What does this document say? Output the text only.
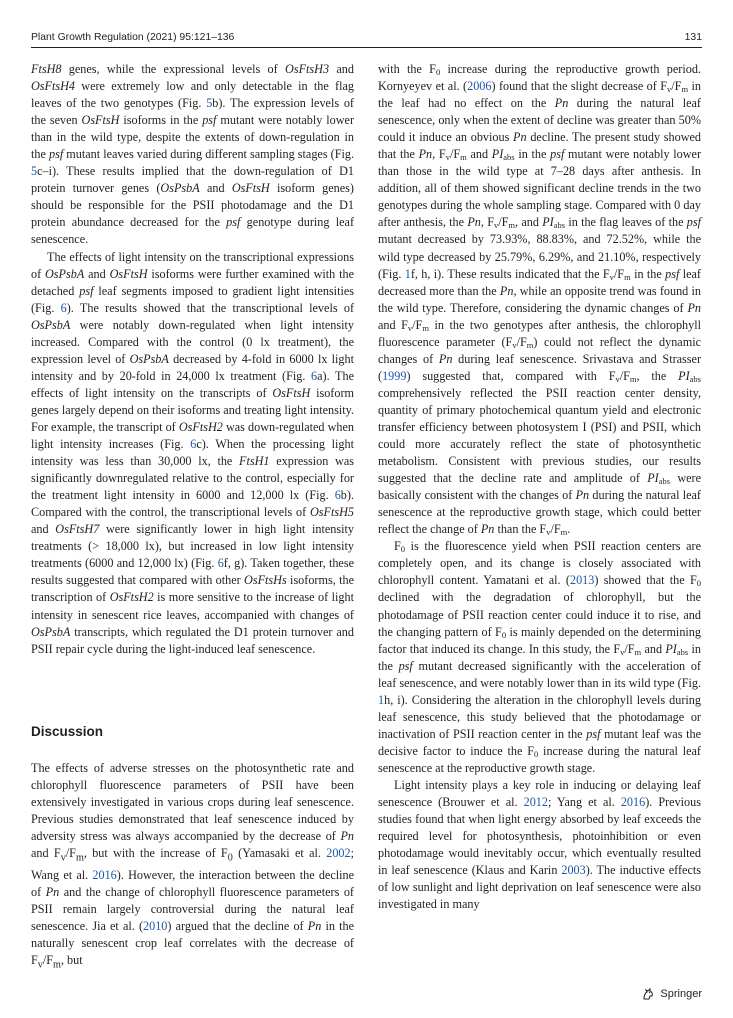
Plant Growth Regulation (2021) 95:121–136	131

FtsH8 genes, while the expressional levels of OsFtsH3 and OsFtsH4 were extremely low and only detectable in the flag leaves of the two genotypes (Fig. 5b). The expression levels of the seven OsFtsH isoforms in the psf mutant were notably lower than in the wild type, despite the extents of down-regulation in the psf mutant leaves varied during different sampling stages (Fig. 5c–i). These results implied that the down-regulation of D1 protein turnover genes (OsPsbA and OsFtsH isoform genes) should be responsible for the PSII photodamage and the D1 protein abundance decreased for the psf genotype during leaf senescence.

The effects of light intensity on the transcriptional expressions of OsPsbA and OsFtsH isoforms were further examined with the detached psf leaf segments imposed to gradient light intensities (Fig. 6). The results showed that the transcriptional levels of OsPsbA were notably down-regulated when light intensity increased. Compared with the control (0 lx treatment), the expression level of OsPsbA decreased by 4-fold in 6000 lx light intensity and by 20-fold in 24,000 lx treatment (Fig. 6a). The effects of light intensity on the transcripts of OsFtsH isoform genes largely depend on their isoforms and treating light intensity. For example, the transcript of OsFtsH2 was down-regulated when light intensity increases (Fig. 6c). When the processing light intensity was less than 30,000 lx, the FtsH1 expression was significantly downregulated relative to the control, especially for the treatment light intensity in 6000 and 12,000 lx (Fig. 6b). Compared with the control, the transcriptional levels of OsFtsH5 and OsFtsH7 were significantly lower in high light intensity treatments (> 18,000 lx), but increased in low light intensity treatments (6000 and 12,000 lx) (Fig. 6f, g). Taken together, these results suggested that compared with other OsFtsHs isoforms, the transcription of OsFtsH2 is more sensitive to the increase of light intensity in senescent rice leaves, accompanied with changes of OsPsbA transcripts, which regulated the D1 protein turnover and PSII repair cycle during the light-induced leaf senescence.

Discussion

The effects of adverse stresses on the photosynthetic rate and chlorophyll fluorescence parameters of PSII have been extensively investigated in various crops during leaf senescence. Previous studies demonstrated that leaf senescence induced by adversity stress was always accompanied by the decrease of Pn and $F_v/F_m$, but with the increase of $F_0$ (Yamasaki et al. 2002; Wang et al. 2016). However, the interaction between the decline of Pn and the change of chlorophyll fluorescence parameters of PSII remain largely controversial during the natural leaf senescence. Jia et al. (2010) argued that the decline of Pn in the naturally senescent crop leaf correlates with the decrease of $F_v/F_m$, but

with the $F_0$ increase during the reproductive growth period. Kornyeyev et al. (2006) found that the slight decrease of $F_v/F_m$ in the leaf had no effect on the Pn during the natural leaf senescence, only when the extent of decline was greater than 50% could it induce an obvious Pn decline. The present study showed that the Pn, $F_v/F_m$ and $PI_{abs}$ in the psf mutant were notably lower than those in the wild type at 7–28 days after anthesis. In addition, all of them showed significant decline trends in the two genotypes during the whole sampling stage. Compared with 0 day after anthesis, the Pn, $F_v/F_m$, and $PI_{abs}$ in the flag leaves of the psf mutant decreased by 73.93%, 88.83%, and 72.52%, while the wild type decreased by 25.79%, 6.29%, and 21.10%, respectively (Fig. 1f, h, i). These results indicated that the $F_v/F_m$ in the psf leaf decreased more than the Pn, while an opposite trend was found in the wild type. Therefore, considering the dynamic changes of Pn and $F_v/F_m$ in the two genotypes after anthesis, the chlorophyll fluorescence parameter $(F_v/F_m)$ could not reflect the dynamic changes of Pn during leaf senescence. Srivastava and Strasser (1999) suggested that, compared with $F_v/F_m$, the $PI_{abs}$ comprehensively reflected the PSII reaction center density, quantity of primary photochemical quantum yield and electronic transfer efficiency between photosystem I (PSI) and PSII, which could more accurately reflect the state of photosynthetic metabolism. Consistent with previous studies, our results suggested that the decline rate and amplitude of $PI_{abs}$ were basically consistent with the changes of Pn during the natural leaf senescence at the reproductive growth stage, which could better reflect the change of Pn than the $F_v/F_m$.

$F_0$ is the fluorescence yield when PSII reaction centers are completely open, and its change is closely associated with chlorophyll content. Yamatani et al. (2013) showed that the $F_0$ declined with the degradation of chlorophyll, but the photodamage of PSII reaction center could induce it to rise, and the changing pattern of $F_0$ is mainly depended on the determining factor that induced its change. In this study, the $F_v/F_m$ and $PI_{abs}$ in the psf mutant decreased significantly with the acceleration of leaf senescence, and were notably lower than in its wild type (Fig. 1h, i). Considering the alteration in the chlorophyll levels during leaf senescence, this study believed that the photodamage or inactivation of PSII reaction center in the psf mutant leaf was the decisive factor to induce the $F_0$ increase during the natural leaf senescence at the reproductive growth stage.

Light intensity plays a key role in inducing or delaying leaf senescence (Brouwer et al. 2012; Yang et al. 2016). Previous studies found that when light energy absorbed by leaf exceeds the required level for photosynthesis, photoinhibition or even photodamage would inevitably occur, which eventually resulted in leaf senescence (Klaus and Karin 2003). The inductive effects of low sunlight and light deprivation on leaf senescence were also investigated in many

Springer
